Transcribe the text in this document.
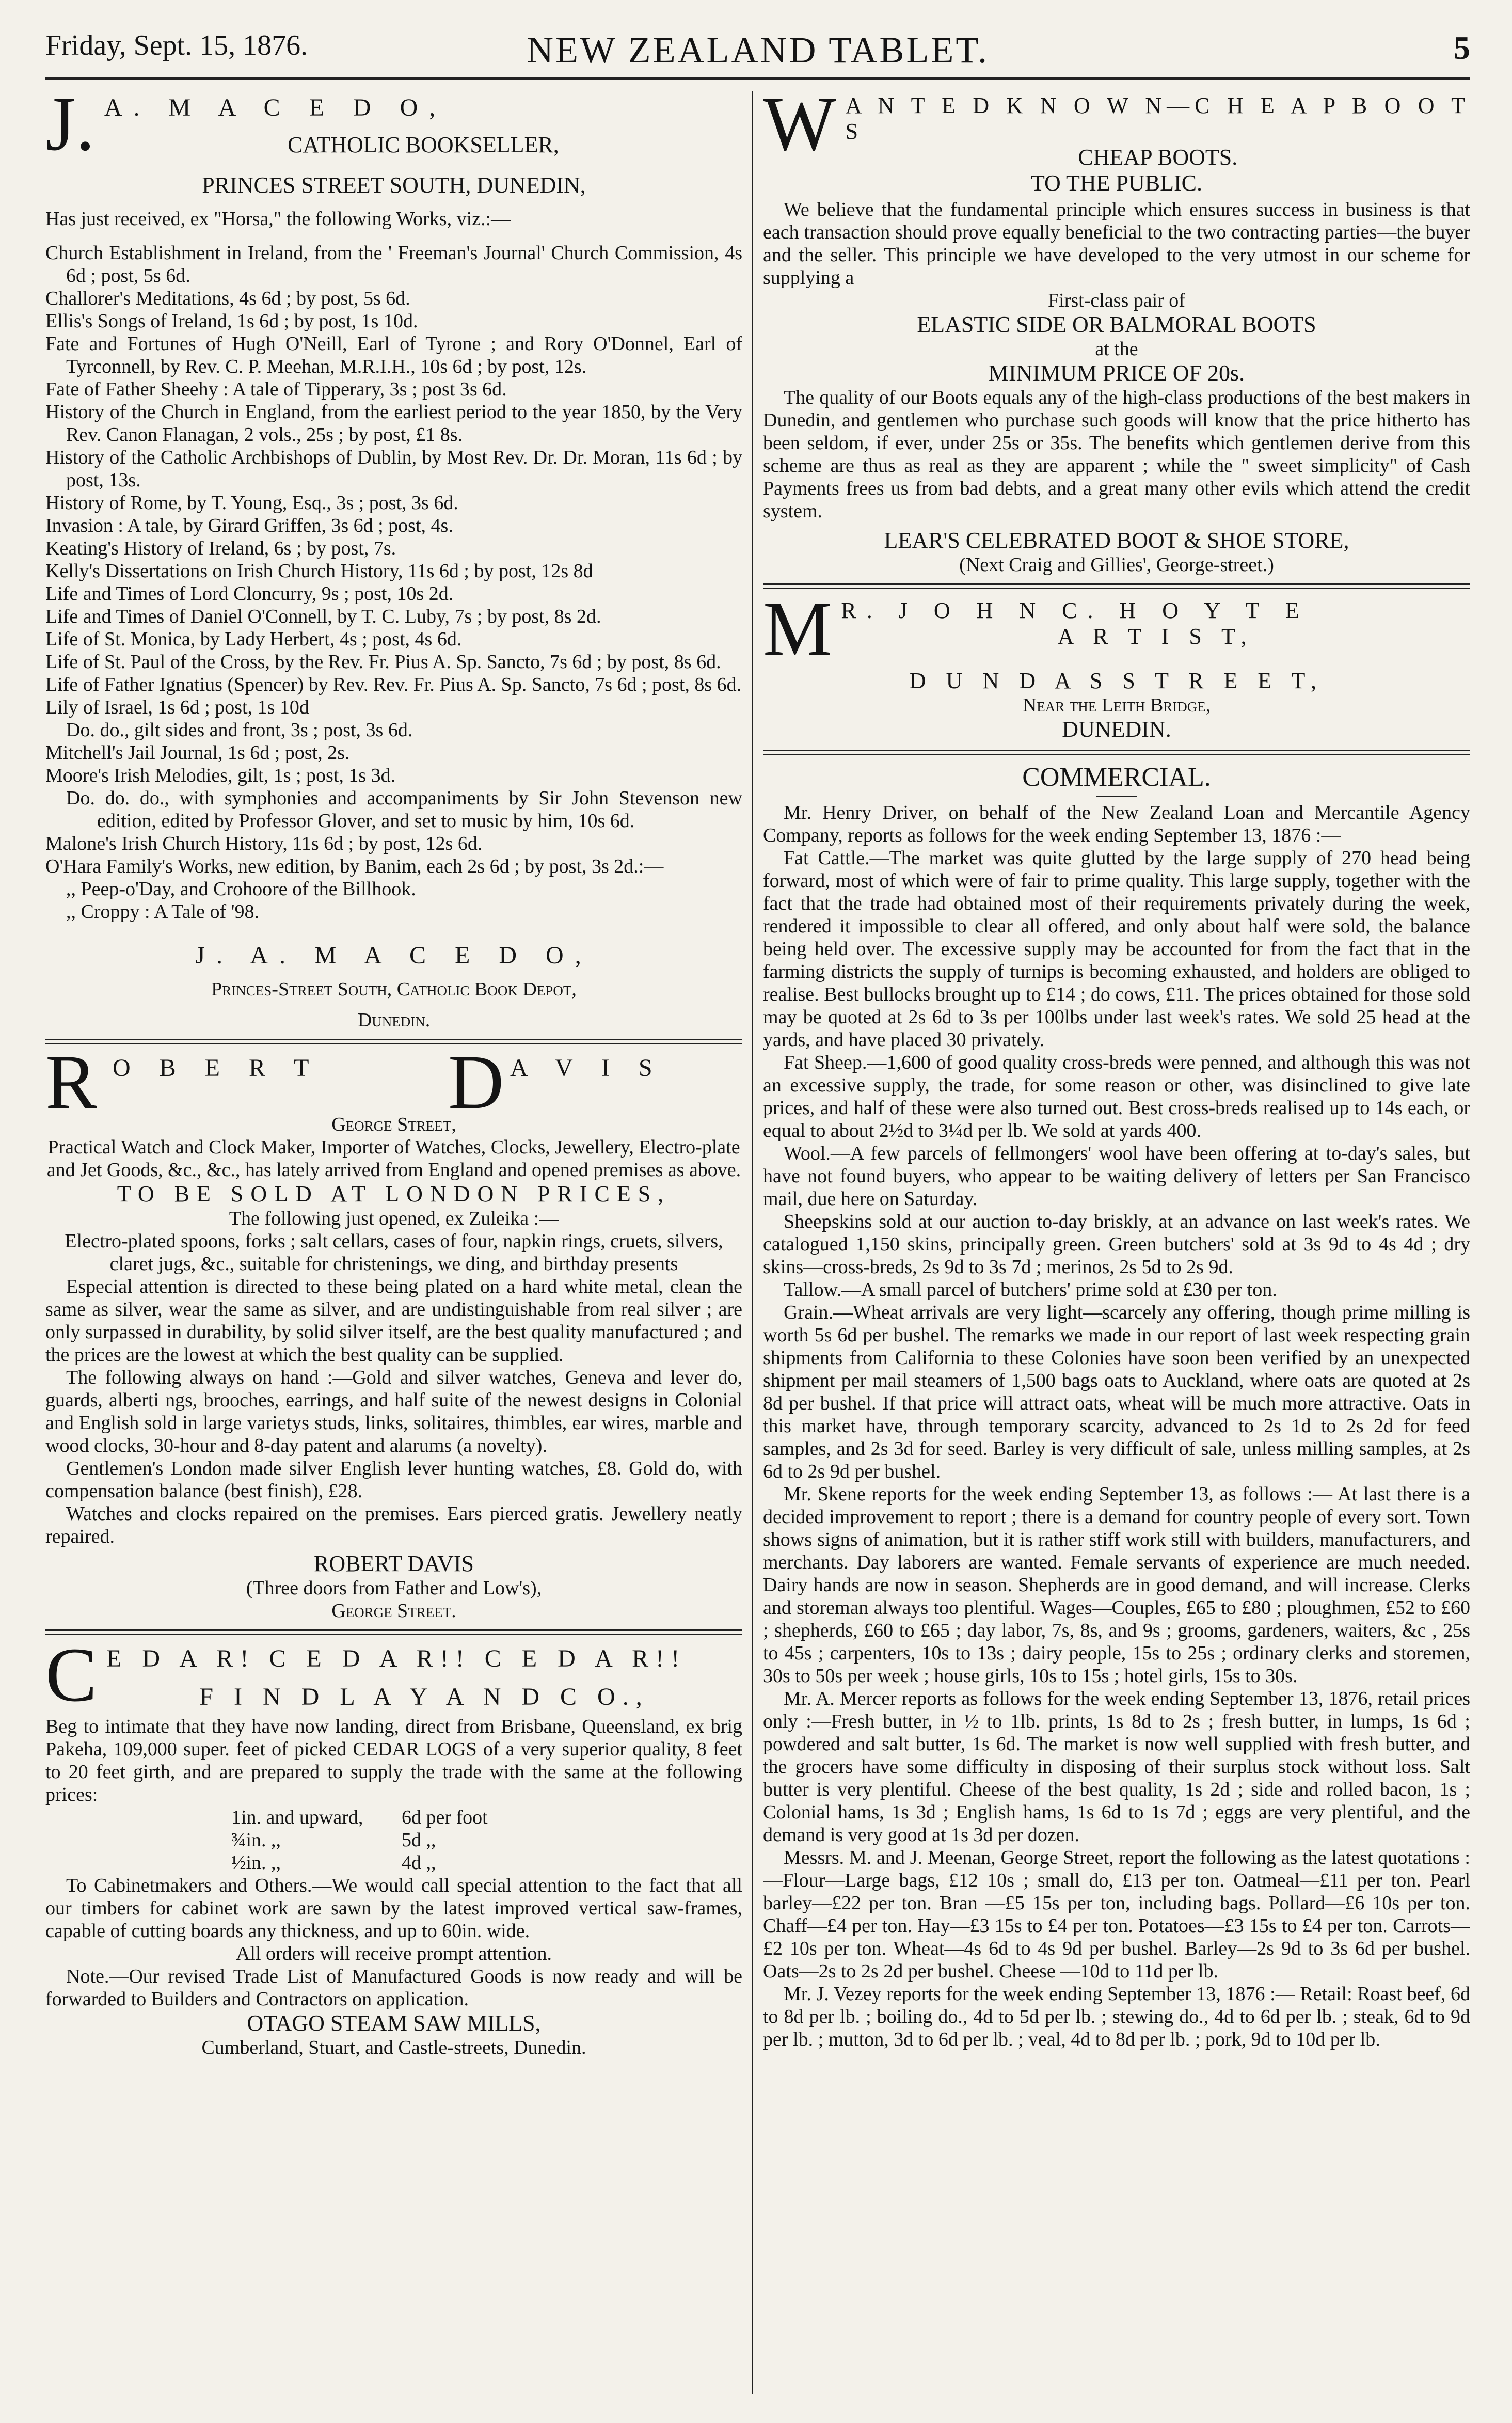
Friday, Sept. 15, 1876.	NEW ZEALAND TABLET.	5
J. A. M A C E D O,
CATHOLIC BOOKSELLER,
PRINCES STREET SOUTH, DUNEDIN,
Has just received, ex "Horsa," the following Works, viz.:—
Church Establishment in Ireland, from the ' Freeman's Journal' Church Commission, 4s 6d ; post, 5s 6d.
Challorer's Meditations, 4s 6d ; by post, 5s 6d.
Ellis's Songs of Ireland, 1s 6d ; by post, 1s 10d.
Fate and Fortunes of Hugh O'Neill, Earl of Tyrone ; and Rory O'Donnel, Earl of Tyrconnell, by Rev. C. P. Meehan, M.R.I.H., 10s 6d ; by post, 12s.
Fate of Father Sheehy : A tale of Tipperary, 3s ; post 3s 6d.
History of the Church in England, from the earliest period to the year 1850, by the Very Rev. Canon Flanagan, 2 vols., 25s ; by post, £1 8s.
History of the Catholic Archbishops of Dublin, by Most Rev. Dr. Dr. Moran, 11s 6d ; by post, 13s.
History of Rome, by T. Young, Esq., 3s ; post, 3s 6d.
Invasion : A tale, by Girard Griffen, 3s 6d ; post, 4s.
Keating's History of Ireland, 6s ; by post, 7s.
Kelly's Dissertations on Irish Church History, 11s 6d ; by post, 12s 8d
Life and Times of Lord Cloncurry, 9s ; post, 10s 2d.
Life and Times of Daniel O'Connell, by T. C. Luby, 7s ; by post, 8s 2d.
Life of St. Monica, by Lady Herbert, 4s ; post, 4s 6d.
Life of St. Paul of the Cross, by the Rev. Fr. Pius A. Sp. Sancto, 7s 6d ; by post, 8s 6d.
Life of Father Ignatius (Spencer) by Rev. Rev. Fr. Pius A. Sp. Sancto, 7s 6d ; post, 8s 6d.
Lily of Israel, 1s 6d ; post, 1s 10d
Do. do., gilt sides and front, 3s ; post, 3s 6d.
Mitchell's Jail Journal, 1s 6d ; post, 2s.
Moore's Irish Melodies, gilt, 1s ; post, 1s 3d.
Do. do. do., with symphonies and accompaniments by Sir John Stevenson new edition, edited by Professor Glover, and set to music by him, 10s 6d.
Malone's Irish Church History, 11s 6d ; by post, 12s 6d.
O'Hara Family's Works, new edition, by Banim, each 2s 6d ; by post, 3s 2d.:—
,, Peep-o'Day, and Crohoore of the Billhook.
,, Croppy : A Tale of '98.
J. A. M A C E D O,
Princes-Street South, Catholic Book Depot,
Dunedin.
R O B E R T D A V I S
George Street,
Practical Watch and Clock Maker, Importer of Watches, Clocks, Jewellery, Electro-plate and Jet Goods, &c., &c., has lately arrived from England and opened premises as above.
TO BE SOLD AT LONDON PRICES,
The following just opened, ex Zuleika :—
Electro-plated spoons, forks ; salt cellars, cases of four, napkin rings, cruets, silvers, claret jugs, &c., suitable for christenings, we ding, and birthday presents
Especial attention is directed to these being plated on a hard white metal, clean the same as silver, wear the same as silver, and are undistinguishable from real silver ; are only surpassed in durability, by solid silver itself, are the best quality manufactured ; and the prices are the lowest at which the best quality can be supplied.
The following always on hand :—Gold and silver watches, Geneva and lever do, guards, alberti ngs, brooches, earrings, and half suite of the newest designs in Colonial and English sold in large varietys studs, links, solitaires, thimbles, ear wires, marble and wood clocks, 30-hour and 8-day patent and alarums (a novelty).
Gentlemen's London made silver English lever hunting watches, £8. Gold do, with compensation balance (best finish), £28.
Watches and clocks repaired on the premises. Ears pierced gratis. Jewellery neatly repaired.
ROBERT DAVIS
(Three doors from Father and Low's),
George Street.
C E D A R! C E D A R!! C E D A R!!
F I N D L A Y A N D C O.,
Beg to intimate that they have now landing, direct from Brisbane, Queensland, ex brig Pakeha, 109,000 super. feet of picked CEDAR LOGS of a very superior quality, 8 feet to 20 feet girth, and are prepared to supply the trade with the same at the following prices:
1in. and upward,	6d per foot
¾in. ,,	5d ,,
½in. ,,	4d ,,
To Cabinetmakers and Others.—We would call special attention to the fact that all our timbers for cabinet work are sawn by the latest improved vertical saw-frames, capable of cutting boards any thickness, and up to 60in. wide.
All orders will receive prompt attention.
Note.—Our revised Trade List of Manufactured Goods is now ready and will be forwarded to Builders and Contractors on application.
OTAGO STEAM SAW MILLS,
Cumberland, Stuart, and Castle-streets, Dunedin.
W A N T E D K N O W N—C H E A P B O O T S
CHEAP BOOTS.
TO THE PUBLIC.
We believe that the fundamental principle which ensures success in business is that each transaction should prove equally beneficial to the two contracting parties—the buyer and the seller. This principle we have developed to the very utmost in our scheme for supplying a
First-class pair of
ELASTIC SIDE OR BALMORAL BOOTS
at the
MINIMUM PRICE OF 20s.
The quality of our Boots equals any of the high-class productions of the best makers in Dunedin, and gentlemen who purchase such goods will know that the price hitherto has been seldom, if ever, under 25s or 35s. The benefits which gentlemen derive from this scheme are thus as real as they are apparent ; while the " sweet simplicity" of Cash Payments frees us from bad debts, and a great many other evils which attend the credit system.
LEAR'S CELEBRATED BOOT & SHOE STORE,
(Next Craig and Gillies', George-street.)
M R. J O H N C. H O Y T E
A R T I S T,
D U N D A S S T R E E T,
Near the Leith Bridge,
DUNEDIN.
COMMERCIAL.
Mr. Henry Driver, on behalf of the New Zealand Loan and Mercantile Agency Company, reports as follows for the week ending September 13, 1876 :—
Fat Cattle.—The market was quite glutted by the large supply of 270 head being forward, most of which were of fair to prime quality. This large supply, together with the fact that the trade had obtained most of their requirements privately during the week, rendered it impossible to clear all offered, and only about half were sold, the balance being held over. The excessive supply may be accounted for from the fact that in the farming districts the supply of turnips is becoming exhausted, and holders are obliged to realise. Best bullocks brought up to £14 ; do cows, £11. The prices obtained for those sold may be quoted at 2s 6d to 3s per 100lbs under last week's rates. We sold 25 head at the yards, and have placed 30 privately.
Fat Sheep.—1,600 of good quality cross-breds were penned, and although this was not an excessive supply, the trade, for some reason or other, was disinclined to give late prices, and half of these were also turned out. Best cross-breds realised up to 14s each, or equal to about 2½d to 3¼d per lb. We sold at yards 400.
Wool.—A few parcels of fellmongers' wool have been offering at to-day's sales, but have not found buyers, who appear to be waiting delivery of letters per San Francisco mail, due here on Saturday.
Sheepskins sold at our auction to-day briskly, at an advance on last week's rates. We catalogued 1,150 skins, principally green. Green butchers' sold at 3s 9d to 4s 4d ; dry skins—cross-breds, 2s 9d to 3s 7d ; merinos, 2s 5d to 2s 9d.
Tallow.—A small parcel of butchers' prime sold at £30 per ton.
Grain.—Wheat arrivals are very light—scarcely any offering, though prime milling is worth 5s 6d per bushel. The remarks we made in our report of last week respecting grain shipments from California to these Colonies have soon been verified by an unexpected shipment per mail steamers of 1,500 bags oats to Auckland, where oats are quoted at 2s 8d per bushel. If that price will attract oats, wheat will be much more attractive. Oats in this market have, through temporary scarcity, advanced to 2s 1d to 2s 2d for feed samples, and 2s 3d for seed. Barley is very difficult of sale, unless milling samples, at 2s 6d to 2s 9d per bushel.
Mr. Skene reports for the week ending September 13, as follows :— At last there is a decided improvement to report ; there is a demand for country people of every sort. Town shows signs of animation, but it is rather stiff work still with builders, manufacturers, and merchants. Day laborers are wanted. Female servants of experience are much needed. Dairy hands are now in season. Shepherds are in good demand, and will increase. Clerks and storeman always too plentiful. Wages—Couples, £65 to £80 ; ploughmen, £52 to £60 ; shepherds, £60 to £65 ; day labor, 7s, 8s, and 9s ; grooms, gardeners, waiters, &c , 25s to 45s ; carpenters, 10s to 13s ; dairy people, 15s to 25s ; ordinary clerks and storemen, 30s to 50s per week ; house girls, 10s to 15s ; hotel girls, 15s to 30s.
Mr. A. Mercer reports as follows for the week ending September 13, 1876, retail prices only :—Fresh butter, in ½ to 1lb. prints, 1s 8d to 2s ; fresh butter, in lumps, 1s 6d ; powdered and salt butter, 1s 6d. The market is now well supplied with fresh butter, and the grocers have some difficulty in disposing of their surplus stock without loss. Salt butter is very plentiful. Cheese of the best quality, 1s 2d ; side and rolled bacon, 1s ; Colonial hams, 1s 3d ; English hams, 1s 6d to 1s 7d ; eggs are very plentiful, and the demand is very good at 1s 3d per dozen.
Messrs. M. and J. Meenan, George Street, report the following as the latest quotations :—Flour—Large bags, £12 10s ; small do, £13 per ton. Oatmeal—£11 per ton. Pearl barley—£22 per ton. Bran —£5 15s per ton, including bags. Pollard—£6 10s per ton. Chaff—£4 per ton. Hay—£3 15s to £4 per ton. Potatoes—£3 15s to £4 per ton. Carrots—£2 10s per ton. Wheat—4s 6d to 4s 9d per bushel. Barley—2s 9d to 3s 6d per bushel. Oats—2s to 2s 2d per bushel. Cheese —10d to 11d per lb.
Mr. J. Vezey reports for the week ending September 13, 1876 :— Retail: Roast beef, 6d to 8d per lb. ; boiling do., 4d to 5d per lb. ; stewing do., 4d to 6d per lb. ; steak, 6d to 9d per lb. ; mutton, 3d to 6d per lb. ; veal, 4d to 8d per lb. ; pork, 9d to 10d per lb.
